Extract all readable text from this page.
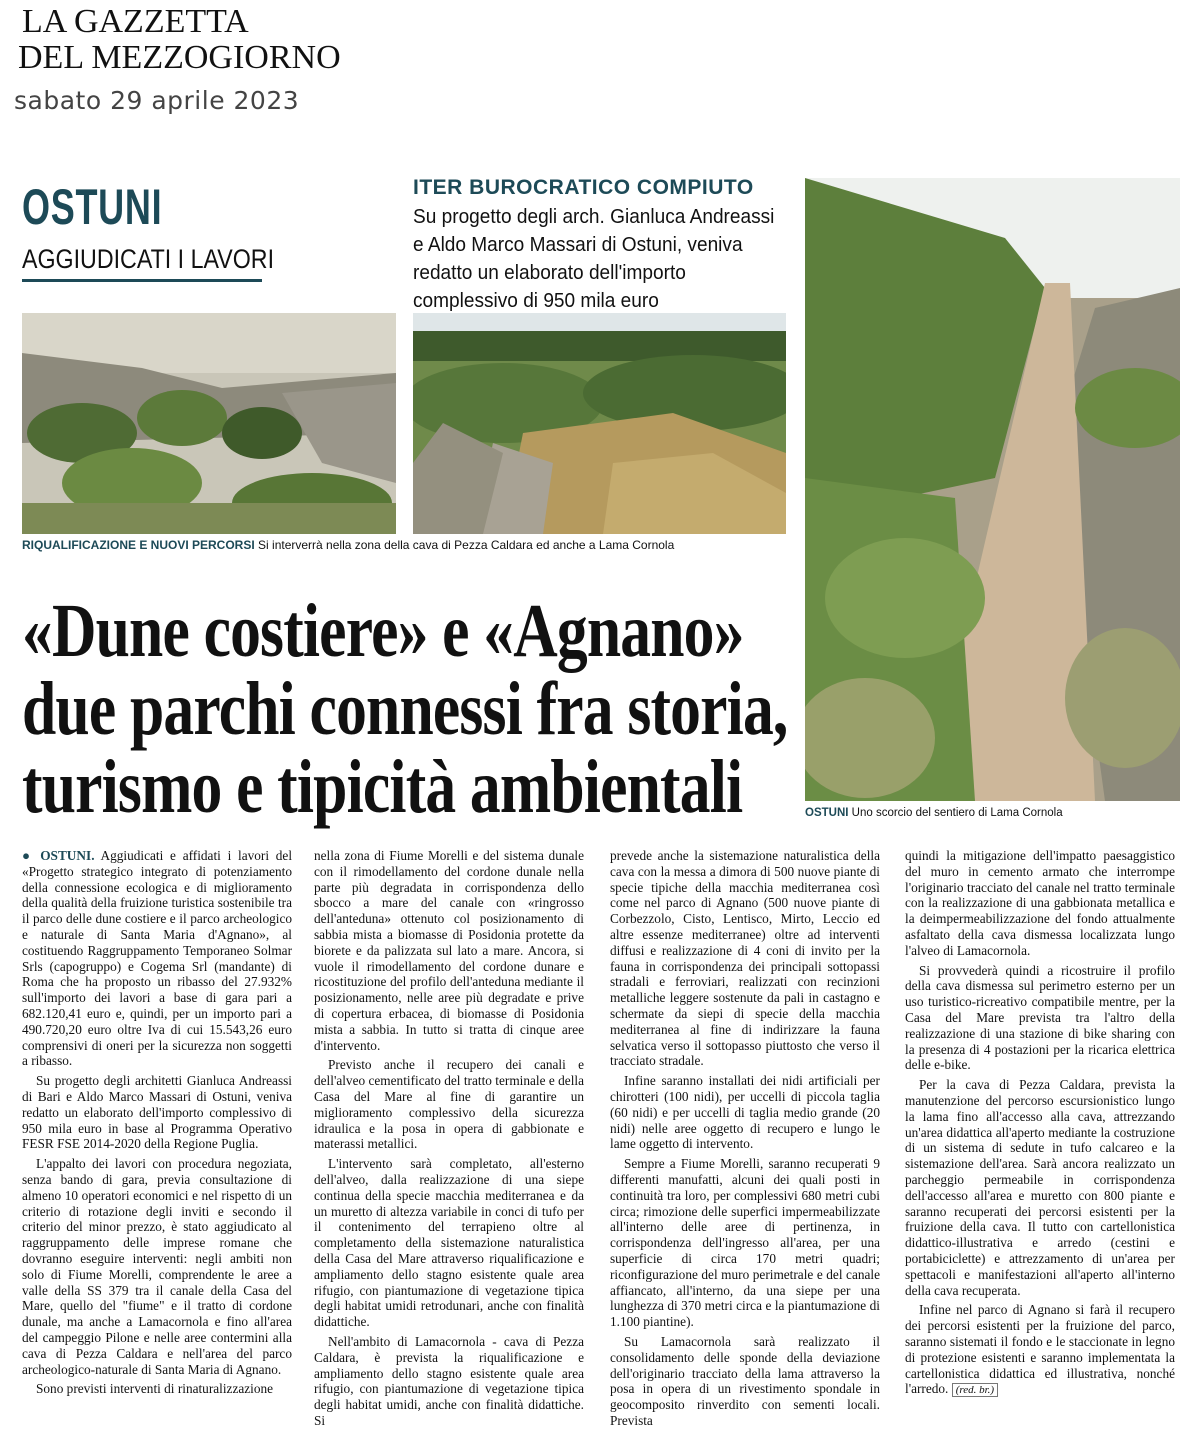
LA GAZZETTA
DEL MEZZOGIORNO
sabato 29 aprile 2023
OSTUNI
AGGIUDICATI I LAVORI
ITER BUROCRATICO COMPIUTO
Su progetto degli arch. Gianluca Andreassi e Aldo Marco Massari di Ostuni, veniva redatto un elaborato dell'importo complessivo di 950 mila euro
RIQUALIFICAZIONE E NUOVI PERCORSI Si interverrà nella zona della cava di Pezza Caldara ed anche a Lama Cornola
OSTUNI Uno scorcio del sentiero di Lama Cornola
«Dune costiere» e «Agnano»
due parchi connessi fra storia,
turismo e tipicità ambientali

● OSTUNI. Aggiudicati e affidati i lavori del «Progetto strategico integrato di potenziamento della connessione ecologica e di miglioramento della qualità della fruizione turistica sostenibile tra il parco delle dune costiere e il parco archeologico e naturale di Santa Maria d'Agnano», al costituendo Raggruppamento Temporaneo Solmar Srls (capogruppo) e Cogema Srl (mandante) di Roma che ha proposto un ribasso del 27.932% sull'importo dei lavori a base di gara pari a 682.120,41 euro e, quindi, per un importo pari a 490.720,20 euro oltre Iva di cui 15.543,26 euro comprensivi di oneri per la sicurezza non soggetti a ribasso.

Su progetto degli architetti Gianluca Andreassi di Bari e Aldo Marco Massari di Ostuni, veniva redatto un elaborato dell'importo complessivo di 950 mila euro in base al Programma Operativo FESR FSE 2014-2020 della Regione Puglia.

L'appalto dei lavori con procedura negoziata, senza bando di gara, previa consultazione di almeno 10 operatori economici e nel rispetto di un criterio di rotazione degli inviti e secondo il criterio del minor prezzo, è stato aggiudicato al raggruppamento delle imprese romane che dovranno eseguire interventi: negli ambiti non solo di Fiume Morelli, comprendente le aree a valle della SS 379 tra il canale della Casa del Mare, quello del "fiume" e il tratto di cordone dunale, ma anche a Lamacornola e fino all'area del campeggio Pilone e nelle aree contermini alla cava di Pezza Caldara e nell'area del parco archeologico-naturale di Santa Maria di Agnano.

Sono previsti interventi di rinaturalizzazione

nella zona di Fiume Morelli e del sistema dunale con il rimodellamento del cordone dunale nella parte più degradata in corrispondenza dello sbocco a mare del canale con «ringrosso dell'anteduna» ottenuto col posizionamento di sabbia mista a biomasse di Posidonia protette da biorete e da palizzata sul lato a mare. Ancora, si vuole il rimodellamento del cordone dunare e ricostituzione del profilo dell'anteduna mediante il posizionamento, nelle aree più degradate e prive di copertura erbacea, di biomasse di Posidonia mista a sabbia. In tutto si tratta di cinque aree d'intervento.

Previsto anche il recupero dei canali e dell'alveo cementificato del tratto terminale e della Casa del Mare al fine di garantire un miglioramento complessivo della sicurezza idraulica e la posa in opera di gabbionate e materassi metallici.

L'intervento sarà completato, all'esterno dell'alveo, dalla realizzazione di una siepe continua della specie macchia mediterranea e da un muretto di altezza variabile in conci di tufo per il contenimento del terrapieno oltre al completamento della sistemazione naturalistica della Casa del Mare attraverso riqualificazione e ampliamento dello stagno esistente quale area rifugio, con piantumazione di vegetazione tipica degli habitat umidi retrodunari, anche con finalità didattiche.

Nell'ambito di Lamacornola - cava di Pezza Caldara, è prevista la riqualificazione e ampliamento dello stagno esistente quale area rifugio, con piantumazione di vegetazione tipica degli habitat umidi, anche con finalità didattiche. Si

prevede anche la sistemazione naturalistica della cava con la messa a dimora di 500 nuove piante di specie tipiche della macchia mediterranea così come nel parco di Agnano (500 nuove piante di Corbezzolo, Cisto, Lentisco, Mirto, Leccio ed altre essenze mediterranee) oltre ad interventi diffusi e realizzazione di 4 coni di invito per la fauna in corrispondenza dei principali sottopassi stradali e ferroviari, realizzati con recinzioni metalliche leggere sostenute da pali in castagno e schermate da siepi di specie della macchia mediterranea al fine di indirizzare la fauna selvatica verso il sottopasso piuttosto che verso il tracciato stradale.

Infine saranno installati dei nidi artificiali per chirotteri (100 nidi), per uccelli di piccola taglia (60 nidi) e per uccelli di taglia medio grande (20 nidi) nelle aree oggetto di recupero e lungo le lame oggetto di intervento.

Sempre a Fiume Morelli, saranno recuperati 9 differenti manufatti, alcuni dei quali posti in continuità tra loro, per complessivi 680 metri cubi circa; rimozione delle superfici impermeabilizzate all'interno delle aree di pertinenza, in corrispondenza dell'ingresso all'area, per una superficie di circa 170 metri quadri; riconfigurazione del muro perimetrale e del canale affiancato, all'interno, da una siepe per una lunghezza di 370 metri circa e la piantumazione di 1.100 piantine).

Su Lamacornola sarà realizzato il consolidamento delle sponde della deviazione dell'originario tracciato della lama attraverso la posa in opera di un rivestimento spondale in geocomposito rinverdito con sementi locali. Prevista

quindi la mitigazione dell'impatto paesaggistico del muro in cemento armato che interrompe l'originario tracciato del canale nel tratto terminale con la realizzazione di una gabbionata metallica e la deimpermeabilizzazione del fondo attualmente asfaltato della cava dismessa localizzata lungo l'alveo di Lamacornola.

Si provvederà quindi a ricostruire il profilo della cava dismessa sul perimetro esterno per un uso turistico-ricreativo compatibile mentre, per la Casa del Mare prevista tra l'altro della realizzazione di una stazione di bike sharing con la presenza di 4 postazioni per la ricarica elettrica delle e-bike.

Per la cava di Pezza Caldara, prevista la manutenzione del percorso escursionistico lungo la lama fino all'accesso alla cava, attrezzando un'area didattica all'aperto mediante la costruzione di un sistema di sedute in tufo calcareo e la sistemazione dell'area. Sarà ancora realizzato un parcheggio permeabile in corrispondenza dell'accesso all'area e muretto con 800 piante e saranno recuperati dei percorsi esistenti per la fruizione della cava. Il tutto con cartellonistica didattico-illustrativa e arredo (cestini e portabiciclette) e attrezzamento di un'area per spettacoli e manifestazioni all'aperto all'interno della cava recuperata.

Infine nel parco di Agnano si farà il recupero dei percorsi esistenti per la fruizione del parco, saranno sistemati il fondo e le staccionate in legno di protezione esistenti e saranno implementata la cartellonistica didattica ed illustrativa, nonché l'arredo. (red. br.)
